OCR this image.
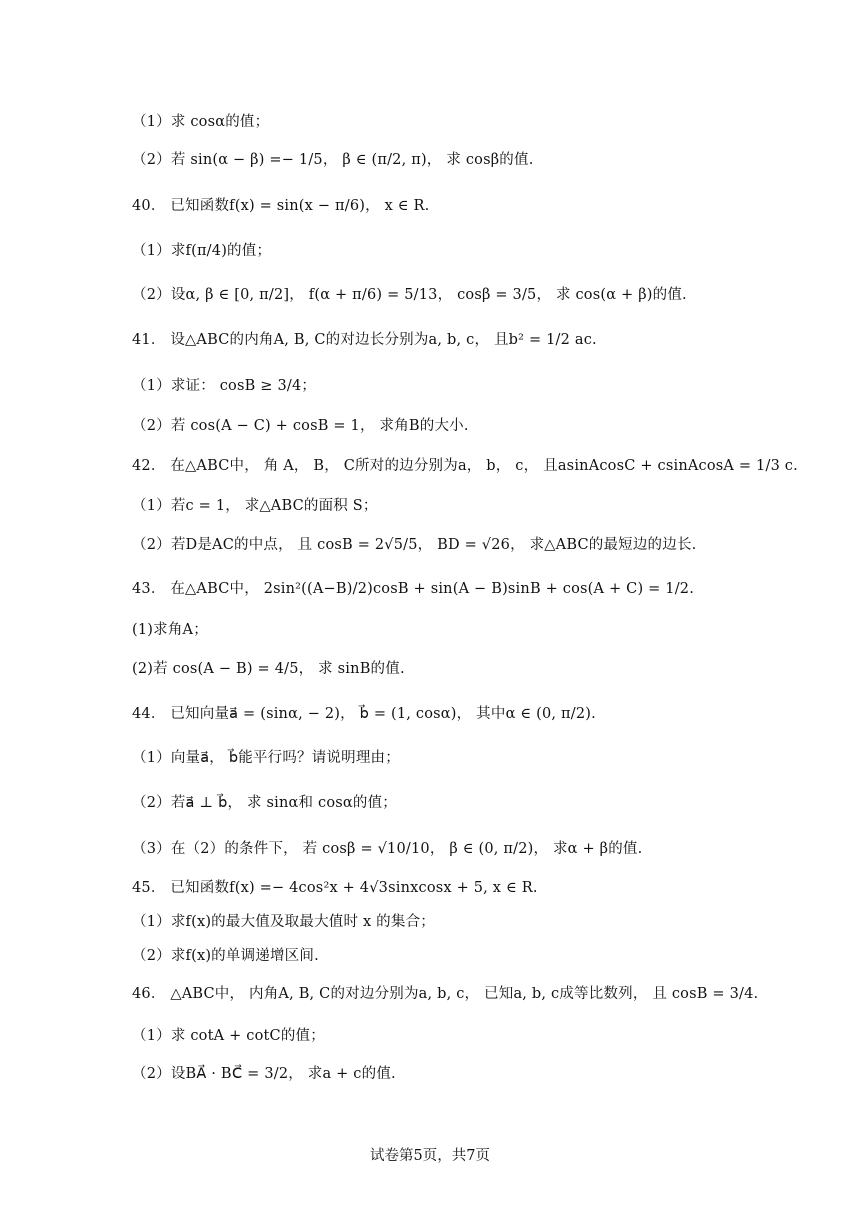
（1）求 cosα的值；
（2）若 sin(α − β) =− 1/5， β ∈ (π/2, π)， 求 cosβ的值.
40． 已知函数f(x) = sin(x − π/6)， x ∈ R.
（1）求f(π/4)的值；
（2）设α, β ∈ [0, π/2]， f(α + π/6) = 5/13， cosβ = 3/5， 求 cos(α + β)的值.
41． 设△ABC的内角A, B, C的对边长分别为a, b, c， 且b² = 1/2 ac.
（1）求证： cosB ≥ 3/4；
（2）若 cos(A − C) + cosB = 1， 求角B的大小.
42． 在△ABC中， 角 A， B， C所对的边分别为a， b， c， 且asinAcosC + csinAcosA = 1/3 c.
（1）若c = 1， 求△ABC的面积 S；
（2）若D是AC的中点， 且 cosB = 2√5/5， BD = √26， 求△ABC的最短边的边长.
43． 在△ABC中， 2sin²((A−B)/2)cosB + sin(A − B)sinB + cos(A + C) = 1/2.
(1)求角A；
(2)若 cos(A − B) = 4/5， 求 sinB的值.
44． 已知向量a⃗ = (sinα, − 2)， b⃗ = (1, cosα)， 其中α ∈ (0, π/2).
（1）向量a⃗， b⃗能平行吗？请说明理由；
（2）若a⃗ ⊥ b⃗， 求 sinα和 cosα的值；
（3）在（2）的条件下， 若 cosβ = √10/10， β ∈ (0, π/2)， 求α + β的值.
45． 已知函数f(x) =− 4cos²x + 4√3sinxcosx + 5, x ∈ R.
（1）求f(x)的最大值及取最大值时 x 的集合；
（2）求f(x)的单调递增区间.
46． △ABC中， 内角A, B, C的对边分别为a, b, c， 已知a, b, c成等比数列， 且 cosB = 3/4.
（1）求 cotA + cotC的值；
（2）设BA⃗ · BC⃗ = 3/2， 求a + c的值.
试卷第5页，共7页
